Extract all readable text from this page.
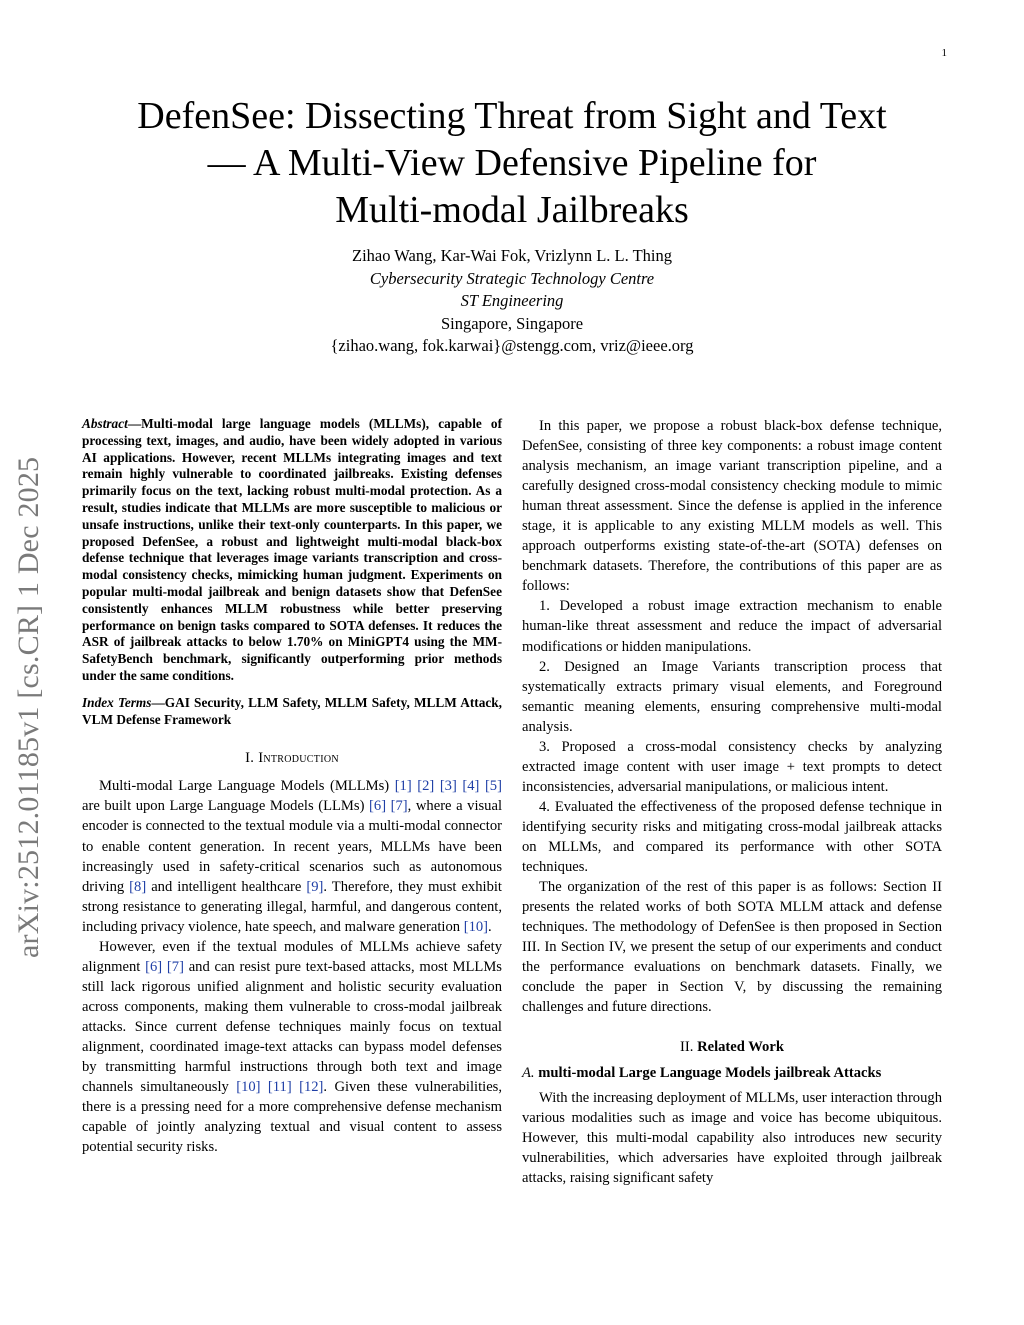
1
arXiv:2512.01185v1 [cs.CR] 1 Dec 2025
DefenSee: Dissecting Threat from Sight and Text
— A Multi-View Defensive Pipeline for
Multi-modal Jailbreaks
Zihao Wang, Kar-Wai Fok, Vrizlynn L. L. Thing
Cybersecurity Strategic Technology Centre
ST Engineering
Singapore, Singapore
{zihao.wang, fok.karwai}@stengg.com, vriz@ieee.org
Abstract—Multi-modal large language models (MLLMs), capable of processing text, images, and audio, have been widely adopted in various AI applications. However, recent MLLMs integrating images and text remain highly vulnerable to coordinated jailbreaks. Existing defenses primarily focus on the text, lacking robust multi-modal protection. As a result, studies indicate that MLLMs are more susceptible to malicious or unsafe instructions, unlike their text-only counterparts. In this paper, we proposed DefenSee, a robust and lightweight multi-modal black-box defense technique that leverages image variants transcription and cross-modal consistency checks, mimicking human judgment. Experiments on popular multi-modal jailbreak and benign datasets show that DefenSee consistently enhances MLLM robustness while better preserving performance on benign tasks compared to SOTA defenses. It reduces the ASR of jailbreak attacks to below 1.70% on MiniGPT4 using the MM-SafetyBench benchmark, significantly outperforming prior methods under the same conditions.
Index Terms—GAI Security, LLM Safety, MLLM Safety, MLLM Attack, VLM Defense Framework
I. Introduction

Multi-modal Large Language Models (MLLMs) [1] [2] [3] [4] [5] are built upon Large Language Models (LLMs) [6] [7], where a visual encoder is connected to the textual module via a multi-modal connector to enable content generation. In recent years, MLLMs have been increasingly used in safety-critical scenarios such as autonomous driving [8] and intelligent healthcare [9]. Therefore, they must exhibit strong resistance to generating illegal, harmful, and dangerous content, including privacy violence, hate speech, and malware generation [10].

However, even if the textual modules of MLLMs achieve safety alignment [6] [7] and can resist pure text-based attacks, most MLLMs still lack rigorous unified alignment and holistic security evaluation across components, making them vulnerable to cross-modal jailbreak attacks. Since current defense techniques mainly focus on textual alignment, coordinated image-text attacks can bypass model defenses by transmitting harmful instructions through both text and image channels simultaneously [10] [11] [12]. Given these vulnerabilities, there is a pressing need for a more comprehensive defense mechanism capable of jointly analyzing textual and visual content to assess potential security risks.

In this paper, we propose a robust black-box defense technique, DefenSee, consisting of three key components: a robust image content analysis mechanism, an image variant transcription pipeline, and a carefully designed cross-modal consistency checking module to mimic human threat assessment. Since the defense is applied in the inference stage, it is applicable to any existing MLLM models as well. This approach outperforms existing state-of-the-art (SOTA) defenses on benchmark datasets. Therefore, the contributions of this paper are as follows:

1. Developed a robust image extraction mechanism to enable human-like threat assessment and reduce the impact of adversarial modifications or hidden manipulations.

2. Designed an Image Variants transcription process that systematically extracts primary visual elements, and Foreground semantic meaning elements, ensuring comprehensive multi-modal analysis.

3. Proposed a cross-modal consistency checks by analyzing extracted image content with user image + text prompts to detect inconsistencies, adversarial manipulations, or malicious intent.

4. Evaluated the effectiveness of the proposed defense technique in identifying security risks and mitigating cross-modal jailbreak attacks on MLLMs, and compared its performance with other SOTA techniques.

The organization of the rest of this paper is as follows: Section II presents the related works of both SOTA MLLM attack and defense techniques. The methodology of DefenSee is then proposed in Section III. In Section IV, we present the setup of our experiments and conduct the performance evaluations on benchmark datasets. Finally, we conclude the paper in Section V, by discussing the remaining challenges and future directions.

II. Related Work
A. multi-modal Large Language Models jailbreak Attacks

With the increasing deployment of MLLMs, user interaction through various modalities such as image and voice has become ubiquitous. However, this multi-modal capability also introduces new security vulnerabilities, which adversaries have exploited through jailbreak attacks, raising significant safety
